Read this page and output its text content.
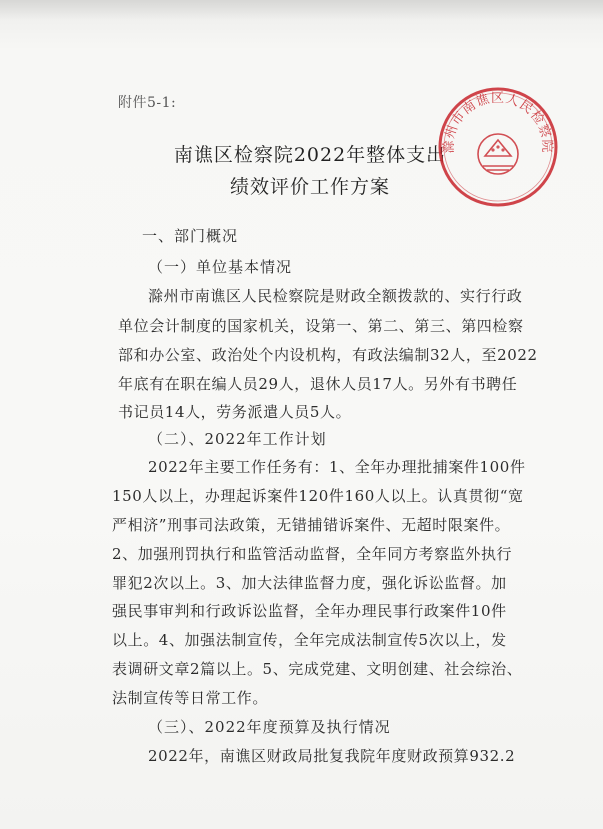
附件5-1:
南谯区检察院2022年整体支出
绩效评价工作方案
滁州市南谯区人民检察院
一、部门概况
（一）单位基本情况
滁州市南谯区人民检察院是财政全额拨款的、实行行政
单位会计制度的国家机关，设第一、第二、第三、第四检察
部和办公室、政治处个内设机构，有政法编制32人，至2022
年底有在职在编人员29人，退休人员17人。另外有书聘任
书记员14人，劳务派遣人员5人。
（二）、2022年工作计划
2022年主要工作任务有：1、全年办理批捕案件100件
150人以上，办理起诉案件120件160人以上。认真贯彻“宽
严相济”刑事司法政策，无错捕错诉案件、无超时限案件。
2、加强刑罚执行和监管活动监督，全年同方考察监外执行
罪犯2次以上。3、加大法律监督力度，强化诉讼监督。加
强民事审判和行政诉讼监督，全年办理民事行政案件10件
以上。4、加强法制宣传，全年完成法制宣传5次以上，发
表调研文章2篇以上。5、完成党建、文明创建、社会综治、
法制宣传等日常工作。
（三）、2022年度预算及执行情况
2022年，南谯区财政局批复我院年度财政预算932.2
